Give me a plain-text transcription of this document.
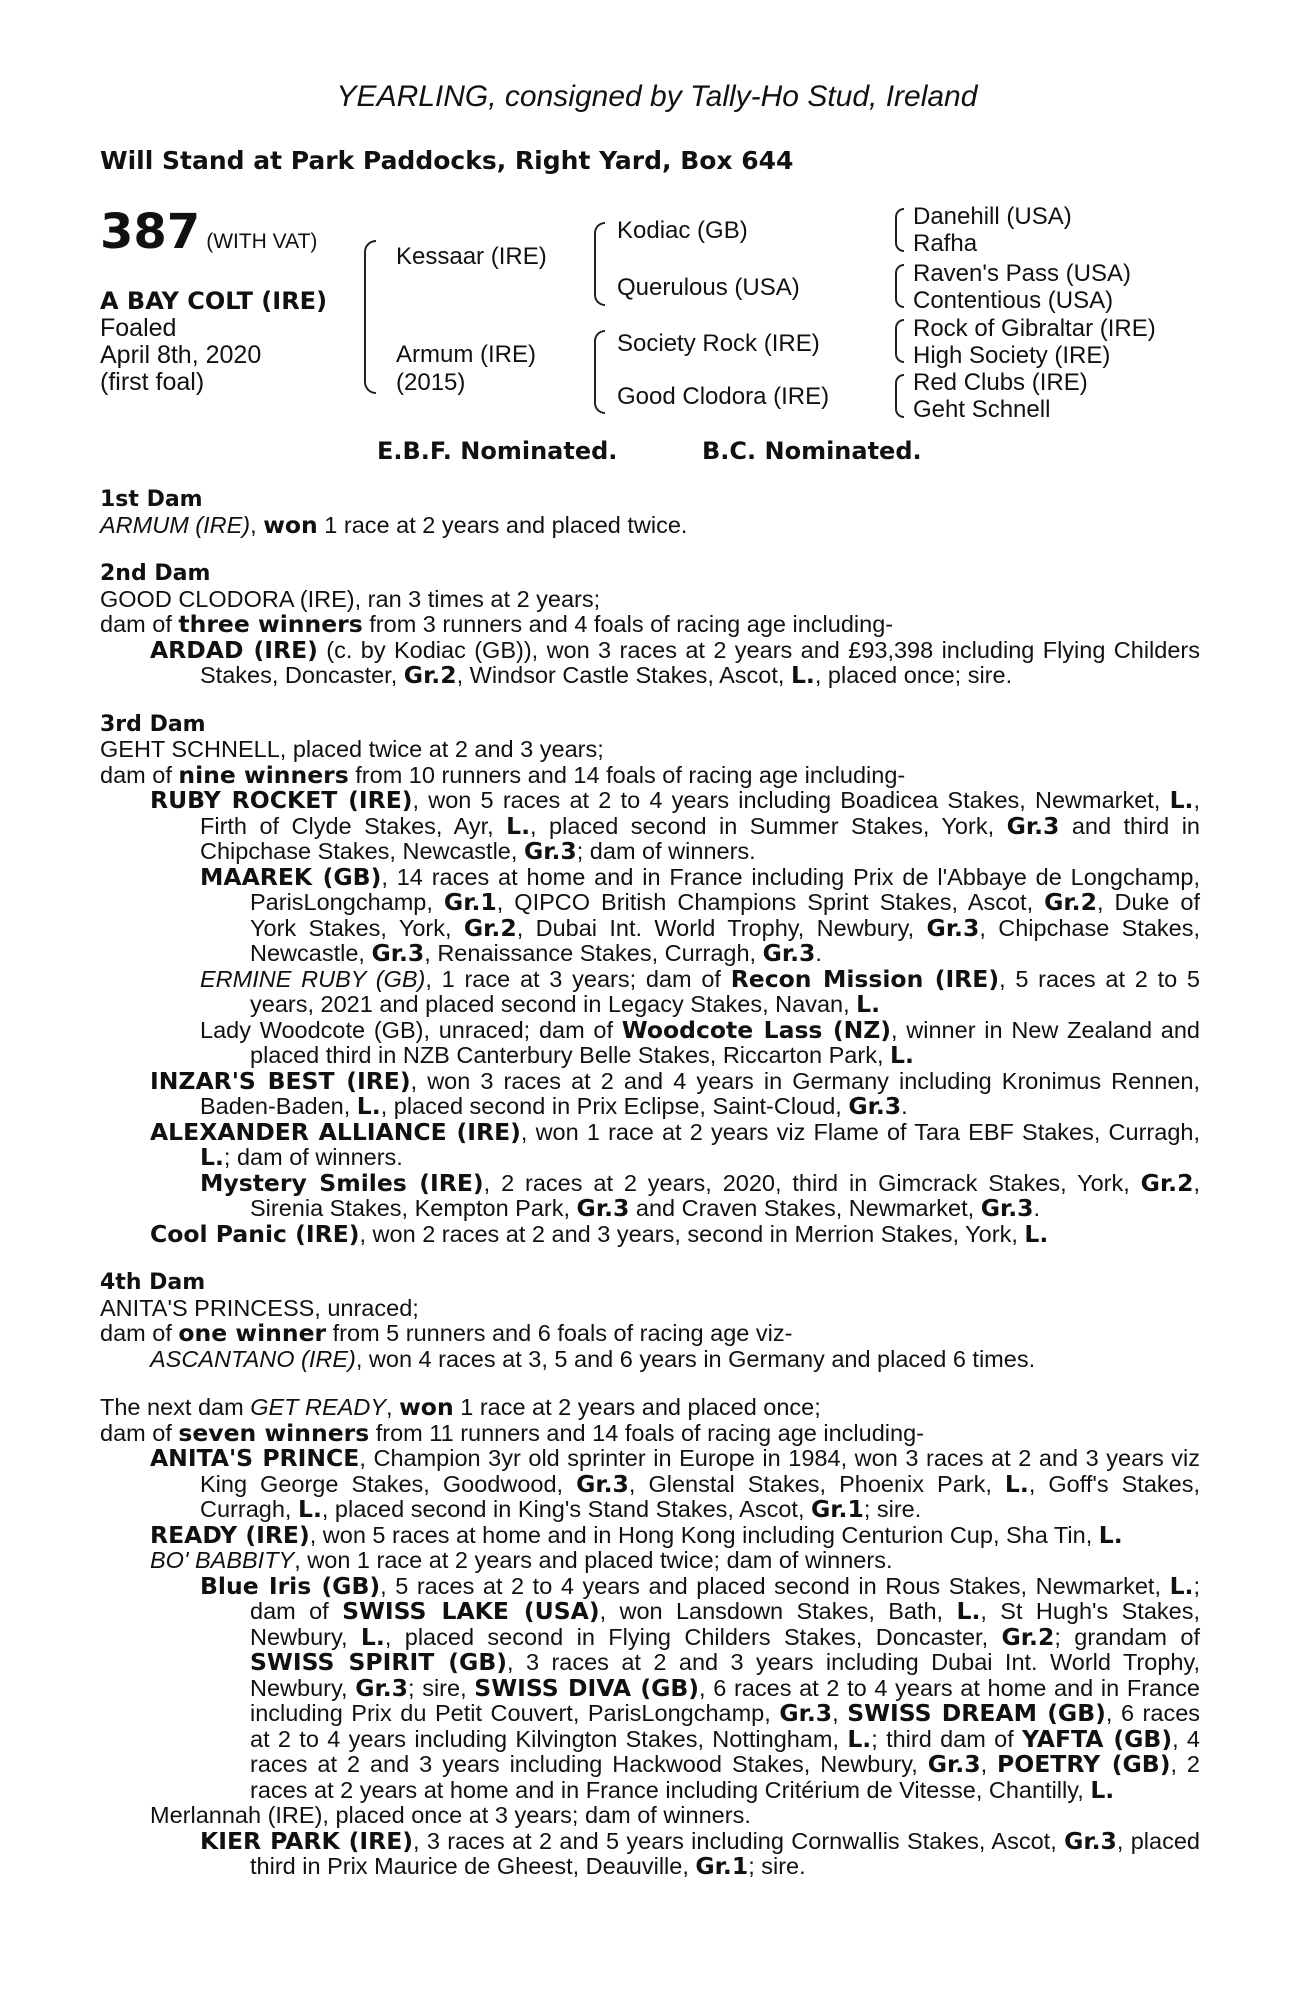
YEARLING, consigned by Tally-Ho Stud, Ireland
Will Stand at Park Paddocks, Right Yard, Box 644
387 (WITH VAT)
A BAY COLT (IRE)
Foaled
April 8th, 2020
(first foal)
Kessaar (IRE)
Armum (IRE)
(2015)
Kodiac (GB)
Querulous (USA)
Society Rock (IRE)
Good Clodora (IRE)
Danehill (USA)
Rafha
Raven's Pass (USA)
Contentious (USA)
Rock of Gibraltar (IRE)
High Society (IRE)
Red Clubs (IRE)
Geht Schnell
E.B.F. Nominated.	B.C. Nominated.

1st Dam

ARMUM (IRE), won 1 race at 2 years and placed twice.

2nd Dam

GOOD CLODORA (IRE), ran 3 times at 2 years;

dam of three winners from 3 runners and 4 foals of racing age including-

ARDAD (IRE) (c. by Kodiac (GB)), won 3 races at 2 years and £93,398 including Flying Childers Stakes, Doncaster, Gr.2, Windsor Castle Stakes, Ascot, L., placed once; sire.

3rd Dam

GEHT SCHNELL, placed twice at 2 and 3 years;

dam of nine winners from 10 runners and 14 foals of racing age including-

RUBY ROCKET (IRE), won 5 races at 2 to 4 years including Boadicea Stakes, Newmarket, L., Firth of Clyde Stakes, Ayr, L., placed second in Summer Stakes, York, Gr.3 and third in Chipchase Stakes, Newcastle, Gr.3; dam of winners.

MAAREK (GB), 14 races at home and in France including Prix de l'Abbaye de Longchamp, ParisLongchamp, Gr.1, QIPCO British Champions Sprint Stakes, Ascot, Gr.2, Duke of York Stakes, York, Gr.2, Dubai Int. World Trophy, Newbury, Gr.3, Chipchase Stakes, Newcastle, Gr.3, Renaissance Stakes, Curragh, Gr.3.

ERMINE RUBY (GB), 1 race at 3 years; dam of Recon Mission (IRE), 5 races at 2 to 5 years, 2021 and placed second in Legacy Stakes, Navan, L.

Lady Woodcote (GB), unraced; dam of Woodcote Lass (NZ), winner in New Zealand and placed third in NZB Canterbury Belle Stakes, Riccarton Park, L.

INZAR'S BEST (IRE), won 3 races at 2 and 4 years in Germany including Kronimus Rennen, Baden-Baden, L., placed second in Prix Eclipse, Saint-Cloud, Gr.3.

ALEXANDER ALLIANCE (IRE), won 1 race at 2 years viz Flame of Tara EBF Stakes, Curragh, L.; dam of winners.

Mystery Smiles (IRE), 2 races at 2 years, 2020, third in Gimcrack Stakes, York, Gr.2, Sirenia Stakes, Kempton Park, Gr.3 and Craven Stakes, Newmarket, Gr.3.

Cool Panic (IRE), won 2 races at 2 and 3 years, second in Merrion Stakes, York, L.

4th Dam

ANITA'S PRINCESS, unraced;

dam of one winner from 5 runners and 6 foals of racing age viz-

ASCANTANO (IRE), won 4 races at 3, 5 and 6 years in Germany and placed 6 times.

The next dam GET READY, won 1 race at 2 years and placed once;

dam of seven winners from 11 runners and 14 foals of racing age including-

ANITA'S PRINCE, Champion 3yr old sprinter in Europe in 1984, won 3 races at 2 and 3 years viz King George Stakes, Goodwood, Gr.3, Glenstal Stakes, Phoenix Park, L., Goff's Stakes, Curragh, L., placed second in King's Stand Stakes, Ascot, Gr.1; sire.

READY (IRE), won 5 races at home and in Hong Kong including Centurion Cup, Sha Tin, L.

BO' BABBITY, won 1 race at 2 years and placed twice; dam of winners.

Blue Iris (GB), 5 races at 2 to 4 years and placed second in Rous Stakes, Newmarket, L.; dam of SWISS LAKE (USA), won Lansdown Stakes, Bath, L., St Hugh's Stakes, Newbury, L., placed second in Flying Childers Stakes, Doncaster, Gr.2; grandam of SWISS SPIRIT (GB), 3 races at 2 and 3 years including Dubai Int. World Trophy, Newbury, Gr.3; sire, SWISS DIVA (GB), 6 races at 2 to 4 years at home and in France including Prix du Petit Couvert, ParisLongchamp, Gr.3, SWISS DREAM (GB), 6 races at 2 to 4 years including Kilvington Stakes, Nottingham, L.; third dam of YAFTA (GB), 4 races at 2 and 3 years including Hackwood Stakes, Newbury, Gr.3, POETRY (GB), 2 races at 2 years at home and in France including Critérium de Vitesse, Chantilly, L.

Merlannah (IRE), placed once at 3 years; dam of winners.

KIER PARK (IRE), 3 races at 2 and 5 years including Cornwallis Stakes, Ascot, Gr.3, placed third in Prix Maurice de Gheest, Deauville, Gr.1; sire.
